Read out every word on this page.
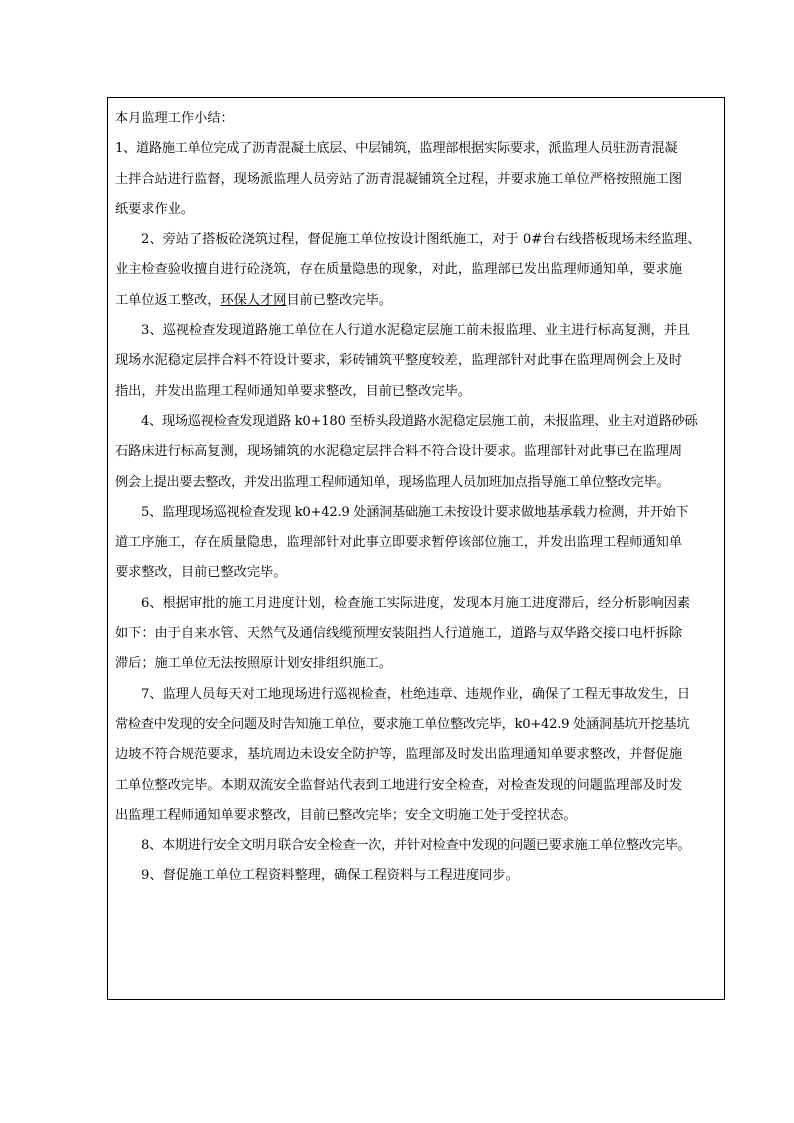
本月监理工作小结：
1、道路施工单位完成了沥青混凝土底层、中层铺筑，监理部根据实际要求，派监理人员驻沥青混凝
土拌合站进行监督，现场派监理人员旁站了沥青混凝铺筑全过程，并要求施工单位严格按照施工图
纸要求作业。
2、旁站了搭板砼浇筑过程，督促施工单位按设计图纸施工，对于 0#台右线搭板现场未经监理、
业主检查验收擅自进行砼浇筑，存在质量隐患的现象，对此，监理部已发出监理师通知单，要求施
工单位返工整改，环保人才网目前已整改完毕。
3、巡视检查发现道路施工单位在人行道水泥稳定层施工前未报监理、业主进行标高复测，并且
现场水泥稳定层拌合料不符设计要求，彩砖铺筑平整度较差，监理部针对此事在监理周例会上及时
指出，并发出监理工程师通知单要求整改，目前已整改完毕。
4、现场巡视检查发现道路 k0+180 至桥头段道路水泥稳定层施工前，未报监理、业主对道路砂砾
石路床进行标高复测，现场铺筑的水泥稳定层拌合料不符合设计要求。监理部针对此事已在监理周
例会上提出要去整改，并发出监理工程师通知单，现场监理人员加班加点指导施工单位整改完毕。
5、监理现场巡视检查发现 k0+42.9 处涵洞基础施工未按设计要求做地基承载力检测，并开始下
道工序施工，存在质量隐患，监理部针对此事立即要求暂停该部位施工，并发出监理工程师通知单
要求整改，目前已整改完毕。
6、根据审批的施工月进度计划，检查施工实际进度，发现本月施工进度滞后，经分析影响因素
如下：由于自来水管、天然气及通信线缆预埋安装阻挡人行道施工，道路与双华路交接口电杆拆除
滞后；施工单位无法按照原计划安排组织施工。
7、监理人员每天对工地现场进行巡视检查，杜绝违章、违规作业，确保了工程无事故发生，日
常检查中发现的安全问题及时告知施工单位，要求施工单位整改完毕，k0+42.9 处涵洞基坑开挖基坑
边坡不符合规范要求，基坑周边未设安全防护等，监理部及时发出监理通知单要求整改，并督促施
工单位整改完毕。本期双流安全监督站代表到工地进行安全检查，对检查发现的问题监理部及时发
出监理工程师通知单要求整改，目前已整改完毕；安全文明施工处于受控状态。
8、本期进行安全文明月联合安全检查一次，并针对检查中发现的问题已要求施工单位整改完毕。
9、督促施工单位工程资料整理，确保工程资料与工程进度同步。
